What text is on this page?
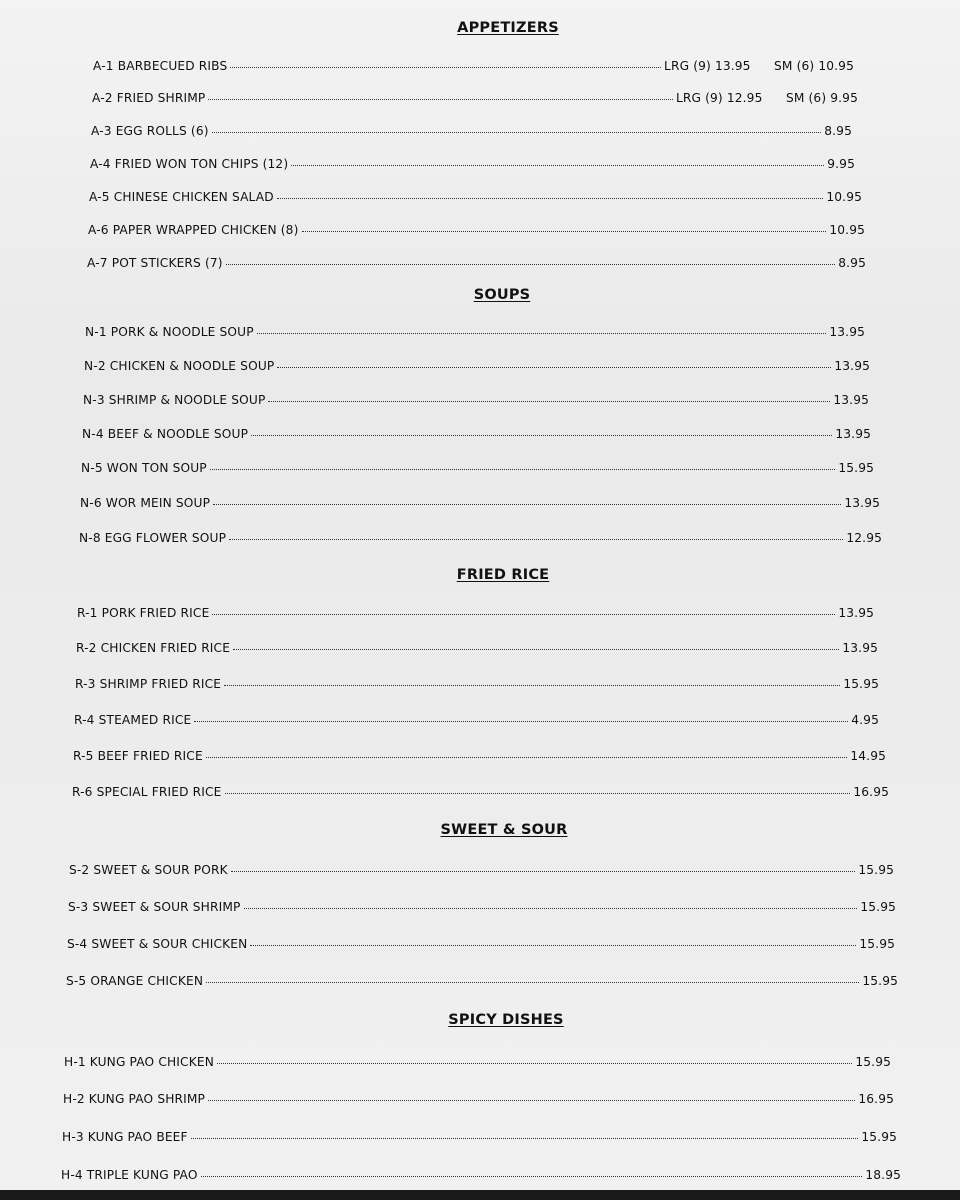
APPETIZERS
A-1 BARBECUED RIBS	LRG (9) 13.95	SM (6) 10.95
A-2 FRIED SHRIMP	LRG (9) 12.95	SM (6) 9.95
A-3 EGG ROLLS (6)	8.95
A-4 FRIED WON TON CHIPS (12)	9.95
A-5 CHINESE CHICKEN SALAD	10.95
A-6 PAPER WRAPPED CHICKEN (8)	10.95
A-7 POT STICKERS (7)	8.95
SOUPS
N-1 PORK & NOODLE SOUP	13.95
N-2 CHICKEN & NOODLE SOUP	13.95
N-3 SHRIMP & NOODLE SOUP	13.95
N-4 BEEF & NOODLE SOUP	13.95
N-5 WON TON SOUP	15.95
N-6 WOR MEIN SOUP	13.95
N-8 EGG FLOWER SOUP	12.95
FRIED RICE
R-1 PORK FRIED RICE	13.95
R-2 CHICKEN FRIED RICE	13.95
R-3 SHRIMP FRIED RICE	15.95
R-4 STEAMED RICE	4.95
R-5 BEEF FRIED RICE	14.95
R-6 SPECIAL FRIED RICE	16.95
SWEET & SOUR
S-2 SWEET & SOUR PORK	15.95
S-3 SWEET & SOUR SHRIMP	15.95
S-4 SWEET & SOUR CHICKEN	15.95
S-5 ORANGE CHICKEN	15.95
SPICY DISHES
H-1 KUNG PAO CHICKEN	15.95
H-2 KUNG PAO SHRIMP	16.95
H-3 KUNG PAO BEEF	15.95
H-4 TRIPLE KUNG PAO	18.95
